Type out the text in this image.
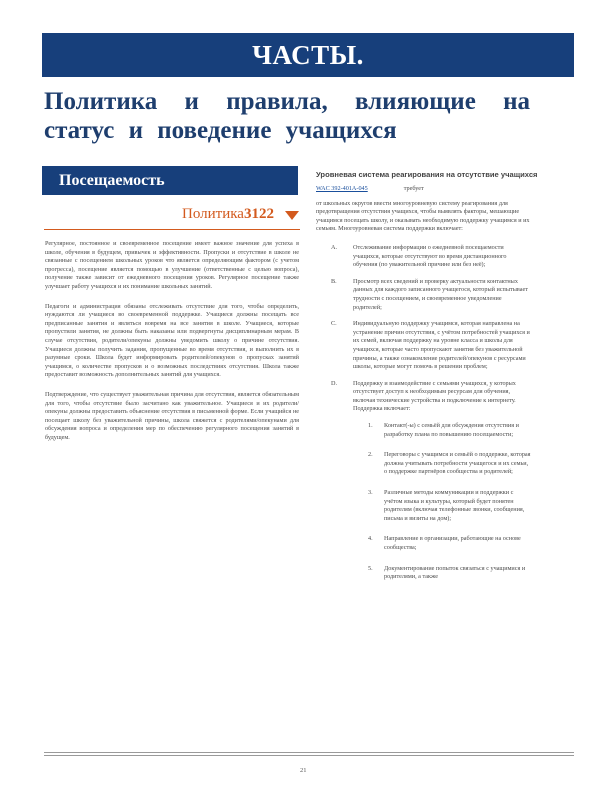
ЧАСТЫ.
Политика и правила, влияющие на статус и поведение учащихся
Посещаемость
Политика3122

Регулярное, постоянное и своевременное посещение имеет важное значение для успеха в школе, обучения в будущем, привычек и эффективности. Пропуски и отсутствие в школе не связанные с посещением школьных уроков что является определяющим фактором (с учетом прогресса), посещение является помощью в улучшение (ответственные с целью вопроса), получение также зависит от ежедневного посещения уроков. Регулярное посещение также улучшает работу учащихся и их понимание школьных занятий.

Педагоги и администрация обязаны отслеживать отсутствие для того, чтобы определить, нуждаются ли учащиеся во своевременной поддержке. Учащиеся должны посещать все предписанные занятия и являться вовремя на все занятия в школе. Учащиеся, которые пропустили занятия, не должны быть наказаны или подвергнуты дисциплинарным мерам. В случае отсутствия, родители/опекуны должны уведомить школу о причине отсутствия. Учащиеся должны получить задания, пропущенные во время отсутствия, и выполнить их в разумные сроки. Школа будет информировать родителей/опекунов о пропусках занятий учащимся, о количестве пропусков и о возможных последствиях отсутствия. Школа также предоставит возможность дополнительных занятий для учащихся.

Подтверждение, что существует уважительная причина для отсутствия, является обязательным для того, чтобы отсутствие было засчитано как уважительное. Учащиеся и их родители/опекуны должны предоставить объяснение отсутствия в письменной форме. Если учащийся не посещает школу без уважительной причины, школа свяжется с родителями/опекунами для обсуждения вопроса и определения мер по обеспечению регулярного посещения занятий в будущем.

Уровневая система реагирования на отсутствие учащихся
WAC 392-401A-045	требует

от школьных округов ввести многоуровневую систему реагирования для предотвращения отсутствия учащихся, чтобы выявлять факторы, мешающие учащимся посещать школу, и оказывать необходимую поддержку учащимся и их семьям. Многоуровневая система поддержки включает:

A.	Отслеживание информации о ежедневной посещаемости учащихся, которые отсутствуют во время дистанционного обучения (по уважительной причине или без неё);
B.	Просмотр всех сведений и проверку актуальности контактных данных для каждого записанного учащегося, который испытывает трудности с посещением, и своевременное уведомление родителей;
C.	Индивидуальную поддержку учащимся, которая направлена на устранение причин отсутствия, с учётом потребностей учащихся и их семей, включая поддержку на уровне класса и школы для учащихся, которые часто пропускают занятия без уважительной причины, а также ознакомление родителей/опекунов с ресурсами школы, которые могут помочь в решении проблем;
D.	Поддержку и взаимодействие с семьями учащихся, у которых отсутствует доступ к необходимым ресурсам для обучения, включая технические устройства и подключение к интернету. Поддержка включает:
1.	Контакт(-ы) с семьёй для обсуждения отсутствия и разработку плана по повышению посещаемости;
2.	Переговоры с учащимся и семьёй о поддержке, которая должна учитывать потребности учащегося и их семьи, о поддержке партнёров сообщества и родителей;
3.	Различные методы коммуникации и поддержки с учётом языка и культуры, который будет понятен родителям (включая телефонные звонки, сообщения, письма и визиты на дом);
4.	Направление в организации, работающие на основе сообщества;
5.	Документирование попыток связаться с учащимися и родителями, а также
21
